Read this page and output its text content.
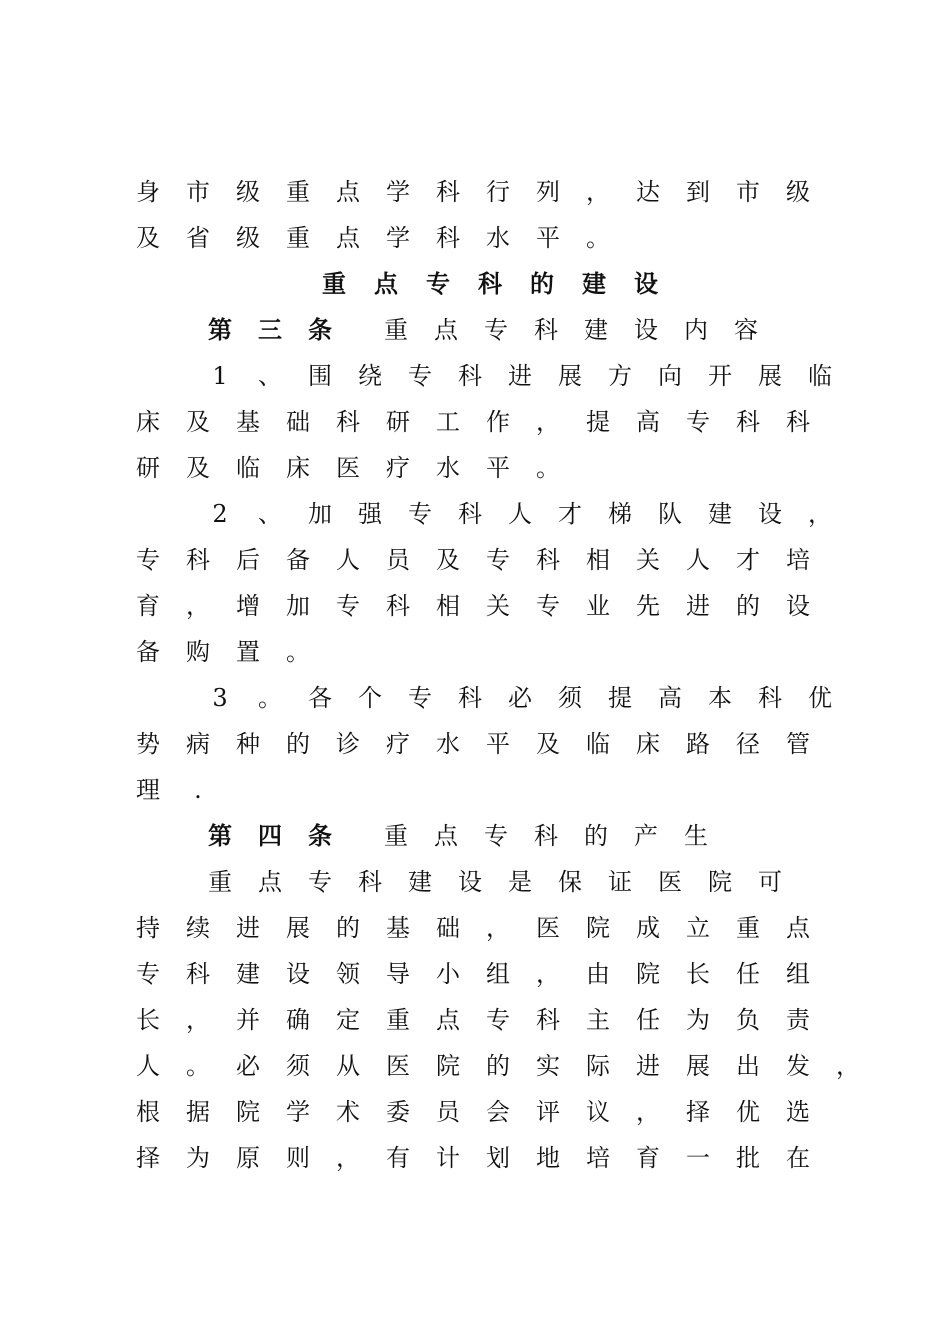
身	市	级	重	点	学	科	行	列	，	达	到	市	级
及	省	级	重	点	学	科	水	平	。
重	点	专	科	的	建	设
第	三	条	重	点	专	科	建	设	内	容
1	、	围	绕	专	科	进	展	方	向	开	展	临
床	及	基	础	科	研	工	作	，	提	高	专	科	科
研	及	临	床	医	疗	水	平	。
2	、	加	强	专	科	人	才	梯	队	建	设	，
专	科	后	备	人	员	及	专	科	相	关	人	才	培
育	，	增	加	专	科	相	关	专	业	先	进	的	设
备	购	置	。
3	。	各	个	专	科	必	须	提	高	本	科	优
势	病	种	的	诊	疗	水	平	及	临	床	路	径	管
理	.
第	四	条	重	点	专	科	的	产	生
重	点	专	科	建	设	是	保	证	医	院	可
持	续	进	展	的	基	础	，	医	院	成	立	重	点
专	科	建	设	领	导	小	组	，	由	院	长	任	组
长	，	并	确	定	重	点	专	科	主	任	为	负	责
人	。	必	须	从	医	院	的	实	际	进	展	出	发	，
根	据	院	学	术	委	员	会	评	议	，	择	优	选
择	为	原	则	，	有	计	划	地	培	育	一	批	在
